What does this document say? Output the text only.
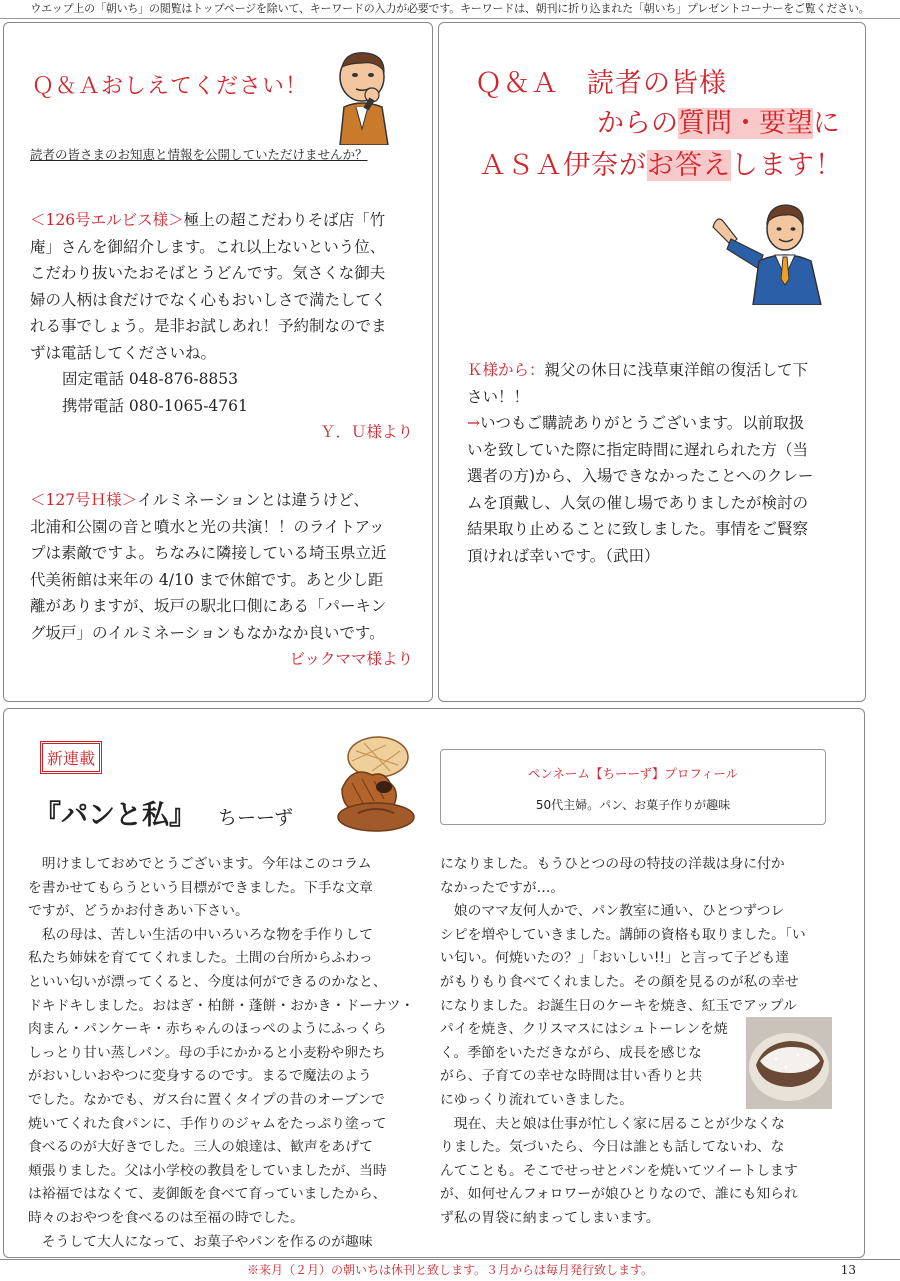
ウエップ上の「朝いち」の閲覧はトップページを除いて、キーワードの入力が必要です。キーワードは、朝刊に折り込まれた「朝いち」プレゼントコーナーをご覧ください。
Ｑ＆Ａおしえてください！
読者の皆さまのお知恵と情報を公開していただけませんか？
＜126号エルビス様＞極上の超こだわりそば店「竹
庵」さんを御紹介します。これ以上ないという位、
こだわり抜いたおそばとうどんです。気さくな御夫
婦の人柄は食だけでなく心もおいしさで満たしてく
れる事でしょう。是非お試しあれ！予約制なのでま
ずは電話してくださいね。
固定電話 048-876-8853
携帯電話 080-1065-4761
Ｙ．Ｕ様より
＜127号Ｈ様＞イルミネーションとは違うけど、
北浦和公園の音と噴水と光の共演！！のライトアッ
プは素敵ですよ。ちなみに隣接している埼玉県立近
代美術館は来年の 4/10 まで休館です。あと少し距
離がありますが、坂戸の駅北口側にある「パーキン
グ坂戸」のイルミネーションもなかなか良いです。
ビックママ様より
Ｑ＆Ａ　読者の皆様
からの質問・要望に
ＡＳＡ伊奈がお答えします！
Ｋ様から：親父の休日に浅草東洋館の復活して下
さい！！
→いつもご購読ありがとうございます。以前取扱
いを致していた際に指定時間に遅れられた方（当
選者の方)から、入場できなかったことへのクレー
ムを頂戴し、人気の催し場でありましたが検討の
結果取り止めることに致しました。事情をご賢察
頂ければ幸いです。（武田）
新連載
『パンと私』 ちーーず
ペンネーム【ちーーず】プロフィール
50代主婦。パン、お菓子作りが趣味
　明けましておめでとうございます。今年はこのコラム
を書かせてもらうという目標ができました。下手な文章
ですが、どうかお付きあい下さい。
　私の母は、苦しい生活の中いろいろな物を手作りして
私たち姉妹を育ててくれました。土間の台所からふわっ
といい匂いが漂ってくると、今度は何ができるのかなと、
ドキドキしました。おはぎ・柏餅・蓬餅・おかき・ドーナツ・
肉まん・パンケーキ・赤ちゃんのほっぺのようにふっくら
しっとり甘い蒸しパン。母の手にかかると小麦粉や卵たち
がおいしいおやつに変身するのです。まるで魔法のよう
でした。なかでも、ガス台に置くタイプの昔のオーブンで
焼いてくれた食パンに、手作りのジャムをたっぷり塗って
食べるのが大好きでした。三人の娘達は、歓声をあげて
頬張りました。父は小学校の教員をしていましたが、当時
は裕福ではなくて、麦御飯を食べて育っていましたから、
時々のおやつを食べるのは至福の時でした。
　そうして大人になって、お菓子やパンを作るのが趣味
になりました。もうひとつの母の特技の洋裁は身に付か
なかったですが…。
　娘のママ友何人かで、パン教室に通い、ひとつずつレ
シピを増やしていきました。講師の資格も取りました。「い
い匂い。何焼いたの？」「おいしい!!」と言って子ども達
がもりもり食べてくれました。その顔を見るのが私の幸せ
になりました。お誕生日のケーキを焼き、紅玉でアップル
パイを焼き、クリスマスにはシュトーレンを焼
く。季節をいただきながら、成長を感じな
がら、子育ての幸せな時間は甘い香りと共
にゆっくり流れていきました。
　現在、夫と娘は仕事が忙しく家に居ることが少なくな
りました。気づいたら、今日は誰とも話してないわ、な
んてことも。そこでせっせとパンを焼いてツイートします
が、如何せんフォロワーが娘ひとりなので、誰にも知られ
ず私の胃袋に納まってしまいます。
※来月（２月）の朝いちは休刊と致します。３月からは毎月発行致します。	13
